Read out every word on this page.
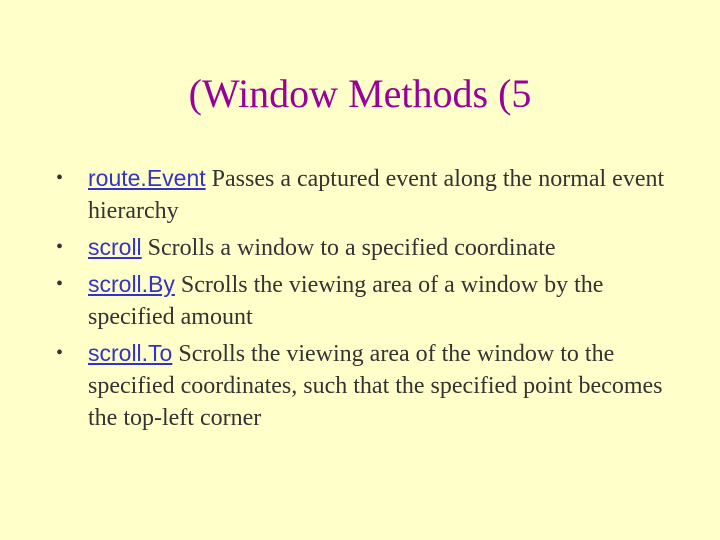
(Window Methods (5
•	route.Event Passes a captured event along the normal event hierarchy
•	scroll Scrolls a window to a specified coordinate
•	scroll.By Scrolls the viewing area of a window by the specified amount
•	scroll.To Scrolls the viewing area of the window to the specified coordinates, such that the specified point becomes the top-left corner
